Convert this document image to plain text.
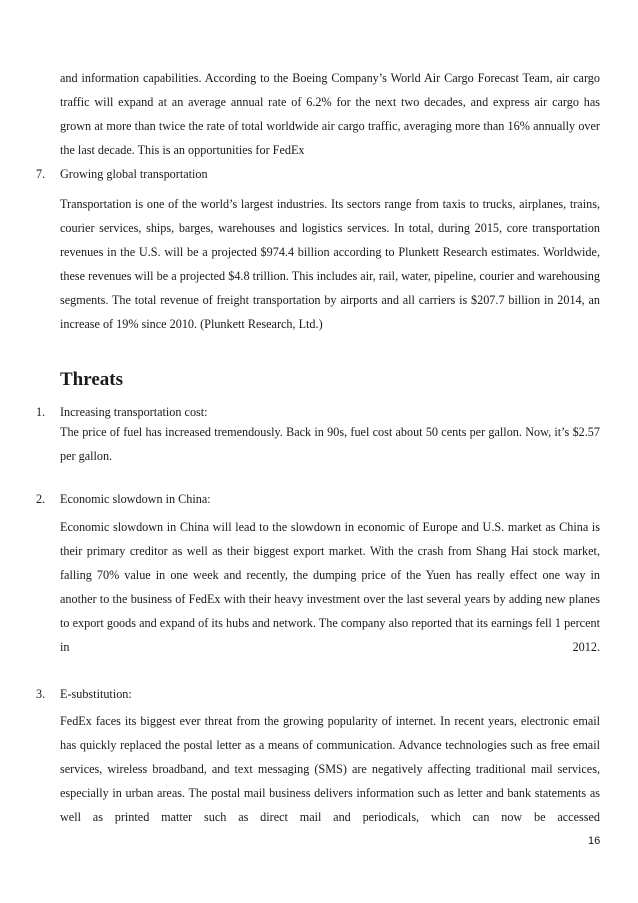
and information capabilities. According to the Boeing Company’s World Air Cargo Forecast Team, air cargo traffic will expand at an average annual rate of 6.2% for the next two decades, and express air cargo has grown at more than twice the rate of total worldwide air cargo traffic, averaging more than 16% annually over the last decade. This is an opportunities for FedEx
7. Growing global transportation
Transportation is one of the world’s largest industries. Its sectors range from taxis to trucks, airplanes, trains, courier services, ships, barges, warehouses and logistics services. In total, during 2015, core transportation revenues in the U.S. will be a projected $974.4 billion according to Plunkett Research estimates. Worldwide, these revenues will be a projected $4.8 trillion. This includes air, rail, water, pipeline, courier and warehousing segments. The total revenue of freight transportation by airports and all carriers is $207.7 billion in 2014, an increase of 19% since 2010. (Plunkett Research, Ltd.)
Threats
1. Increasing transportation cost:
The price of fuel has increased tremendously. Back in 90s, fuel cost about 50 cents per gallon. Now, it’s $2.57 per gallon.
2. Economic slowdown in China:
Economic slowdown in China will lead to the slowdown in economic of Europe and U.S. market as China is their primary creditor as well as their biggest export market. With the crash from Shang Hai stock market, falling 70% value in one week and recently, the dumping price of the Yuen has really effect one way in another to the business of FedEx with their heavy investment over the last several years by adding new planes to export goods and expand of its hubs and network. The company also reported that its earnings fell 1 percent in 2012.
3. E-substitution:
FedEx faces its biggest ever threat from the growing popularity of internet. In recent years, electronic email has quickly replaced the postal letter as a means of communication. Advance technologies such as free email services, wireless broadband, and text messaging (SMS) are negatively affecting traditional mail services, especially in urban areas. The postal mail business delivers information such as letter and bank statements as well as printed matter such as direct mail and periodicals, which can now be accessed
16
